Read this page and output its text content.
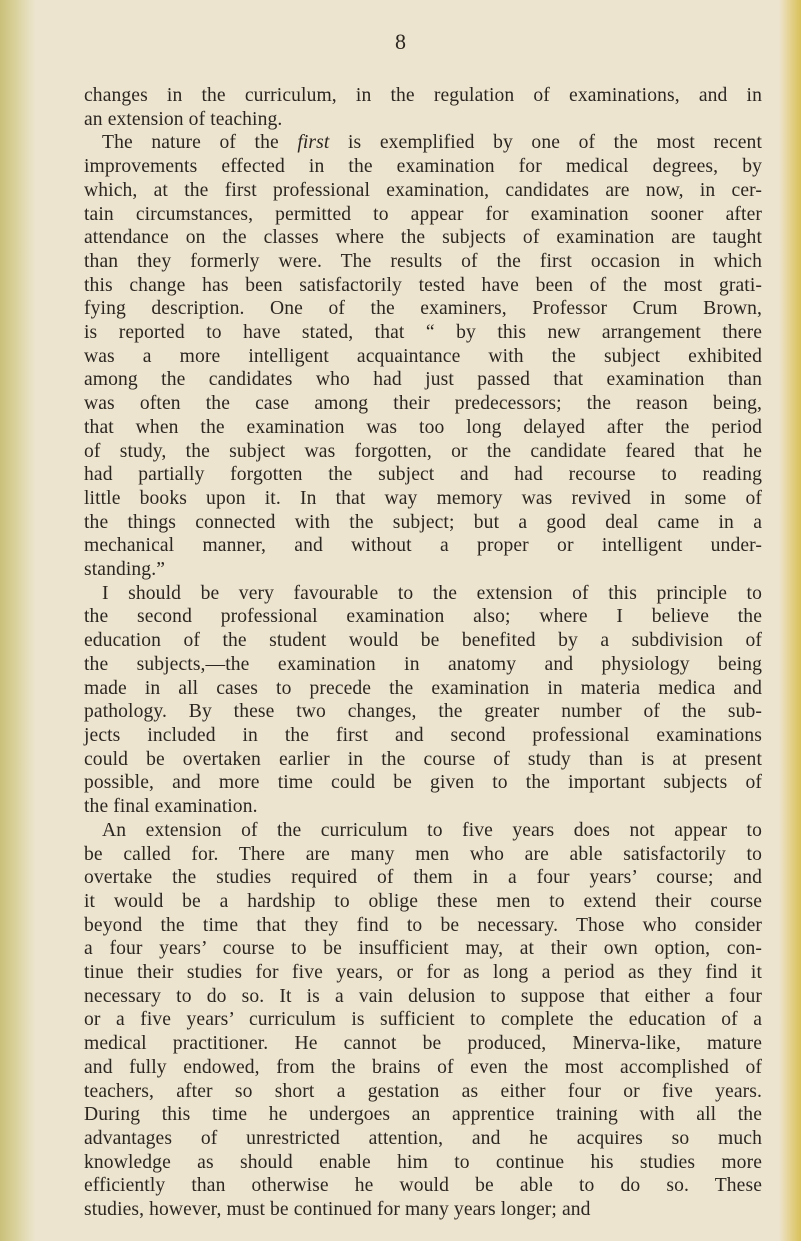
8
changes in the curriculum, in the regulation of examinations, and in
an extension of teaching.
The nature of the first is exemplified by one of the most recent
improvements effected in the examination for medical degrees, by
which, at the first professional examination, candidates are now, in cer-
tain circumstances, permitted to appear for examination sooner after
attendance on the classes where the subjects of examination are taught
than they formerly were. The results of the first occasion in which
this change has been satisfactorily tested have been of the most grati-
fying description. One of the examiners, Professor Crum Brown,
is reported to have stated, that “ by this new arrangement there
was a more intelligent acquaintance with the subject exhibited
among the candidates who had just passed that examination than
was often the case among their predecessors; the reason being,
that when the examination was too long delayed after the period
of study, the subject was forgotten, or the candidate feared that he
had partially forgotten the subject and had recourse to reading
little books upon it. In that way memory was revived in some of
the things connected with the subject; but a good deal came in a
mechanical manner, and without a proper or intelligent under-
standing.”
I should be very favourable to the extension of this principle to
the second professional examination also; where I believe the
education of the student would be benefited by a subdivision of
the subjects,—the examination in anatomy and physiology being
made in all cases to precede the examination in materia medica and
pathology. By these two changes, the greater number of the sub-
jects included in the first and second professional examinations
could be overtaken earlier in the course of study than is at present
possible, and more time could be given to the important subjects of
the final examination.
An extension of the curriculum to five years does not appear to
be called for. There are many men who are able satisfactorily to
overtake the studies required of them in a four years’ course; and
it would be a hardship to oblige these men to extend their course
beyond the time that they find to be necessary. Those who consider
a four years’ course to be insufficient may, at their own option, con-
tinue their studies for five years, or for as long a period as they find it
necessary to do so. It is a vain delusion to suppose that either a four
or a five years’ curriculum is sufficient to complete the education of a
medical practitioner. He cannot be produced, Minerva-like, mature
and fully endowed, from the brains of even the most accomplished of
teachers, after so short a gestation as either four or five years.
During this time he undergoes an apprentice training with all the
advantages of unrestricted attention, and he acquires so much
knowledge as should enable him to continue his studies more
efficiently than otherwise he would be able to do so. These
studies, however, must be continued for many years longer; and
